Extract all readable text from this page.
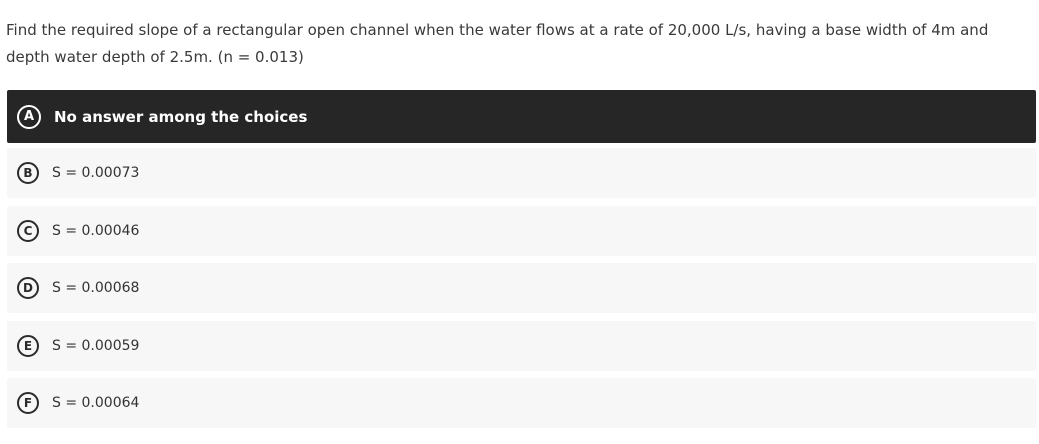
Find the required slope of a rectangular open channel when the water flows at a rate of 20,000 L/s, having a base width of 4m and depth water depth of 2.5m. (n = 0.013)

A	No answer among the choices
B	S = 0.00073
C	S = 0.00046
D	S = 0.00068
E	S = 0.00059
F	S = 0.00064
